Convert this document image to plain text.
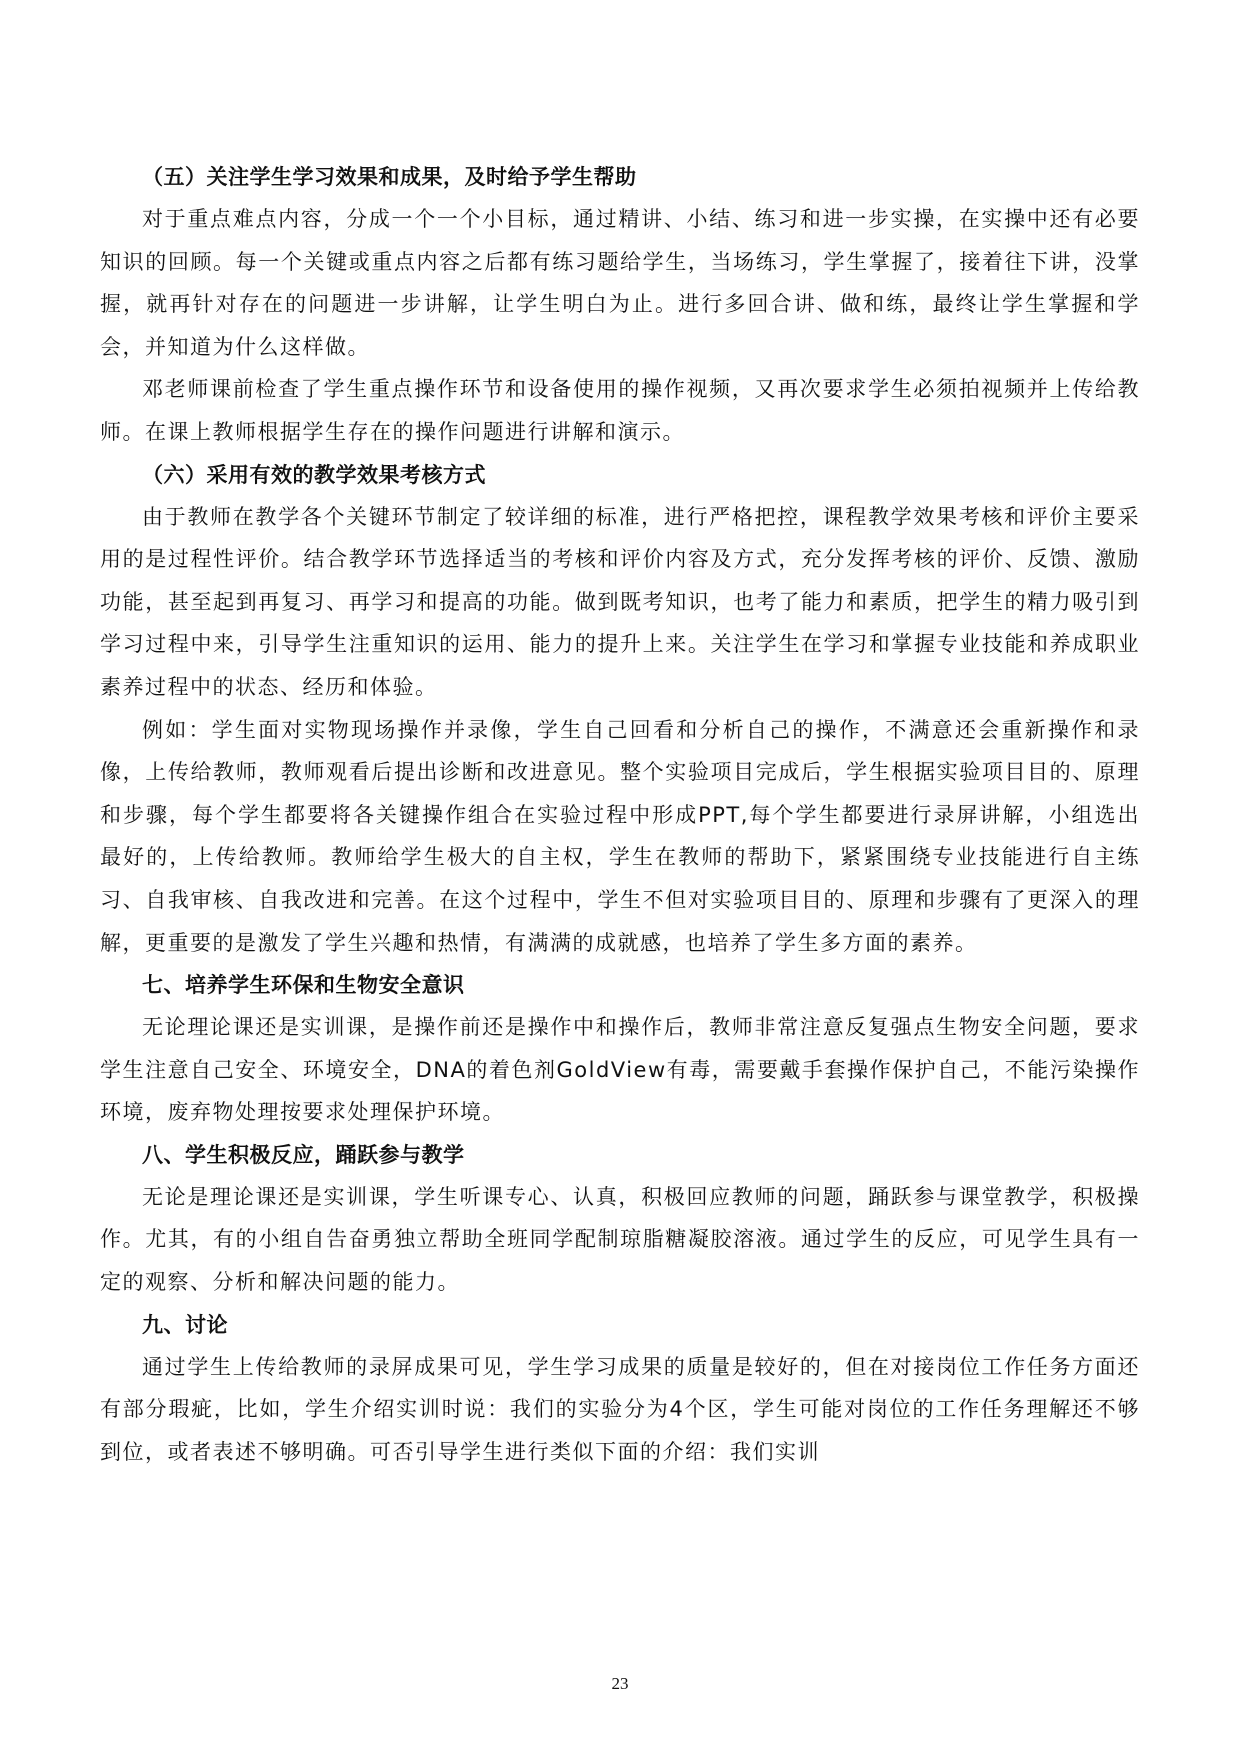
（五）关注学生学习效果和成果，及时给予学生帮助

对于重点难点内容，分成一个一个小目标，通过精讲、小结、练习和进一步实操，在实操中还有必要知识的回顾。每一个关键或重点内容之后都有练习题给学生，当场练习，学生掌握了，接着往下讲，没掌握，就再针对存在的问题进一步讲解，让学生明白为止。进行多回合讲、做和练，最终让学生掌握和学会，并知道为什么这样做。

邓老师课前检查了学生重点操作环节和设备使用的操作视频，又再次要求学生必须拍视频并上传给教师。在课上教师根据学生存在的操作问题进行讲解和演示。

（六）采用有效的教学效果考核方式

由于教师在教学各个关键环节制定了较详细的标准，进行严格把控，课程教学效果考核和评价主要采用的是过程性评价。结合教学环节选择适当的考核和评价内容及方式，充分发挥考核的评价、反馈、激励功能，甚至起到再复习、再学习和提高的功能。做到既考知识，也考了能力和素质，把学生的精力吸引到学习过程中来，引导学生注重知识的运用、能力的提升上来。关注学生在学习和掌握专业技能和养成职业素养过程中的状态、经历和体验。

例如：学生面对实物现场操作并录像，学生自己回看和分析自己的操作，不满意还会重新操作和录像，上传给教师，教师观看后提出诊断和改进意见。整个实验项目完成后，学生根据实验项目目的、原理和步骤，每个学生都要将各关键操作组合在实验过程中形成PPT,每个学生都要进行录屏讲解，小组选出最好的，上传给教师。教师给学生极大的自主权，学生在教师的帮助下，紧紧围绕专业技能进行自主练习、自我审核、自我改进和完善。在这个过程中，学生不但对实验项目目的、原理和步骤有了更深入的理解，更重要的是激发了学生兴趣和热情，有满满的成就感，也培养了学生多方面的素养。

七、培养学生环保和生物安全意识

无论理论课还是实训课，是操作前还是操作中和操作后，教师非常注意反复强点生物安全问题，要求学生注意自己安全、环境安全，DNA的着色剂GoldView有毒，需要戴手套操作保护自己，不能污染操作环境，废弃物处理按要求处理保护环境。

八、学生积极反应，踊跃参与教学

无论是理论课还是实训课，学生听课专心、认真，积极回应教师的问题，踊跃参与课堂教学，积极操作。尤其，有的小组自告奋勇独立帮助全班同学配制琼脂糖凝胶溶液。通过学生的反应，可见学生具有一定的观察、分析和解决问题的能力。

九、讨论

通过学生上传给教师的录屏成果可见，学生学习成果的质量是较好的，但在对接岗位工作任务方面还有部分瑕疵，比如，学生介绍实训时说：我们的实验分为4个区，学生可能对岗位的工作任务理解还不够到位，或者表述不够明确。可否引导学生进行类似下面的介绍：我们实训

23
